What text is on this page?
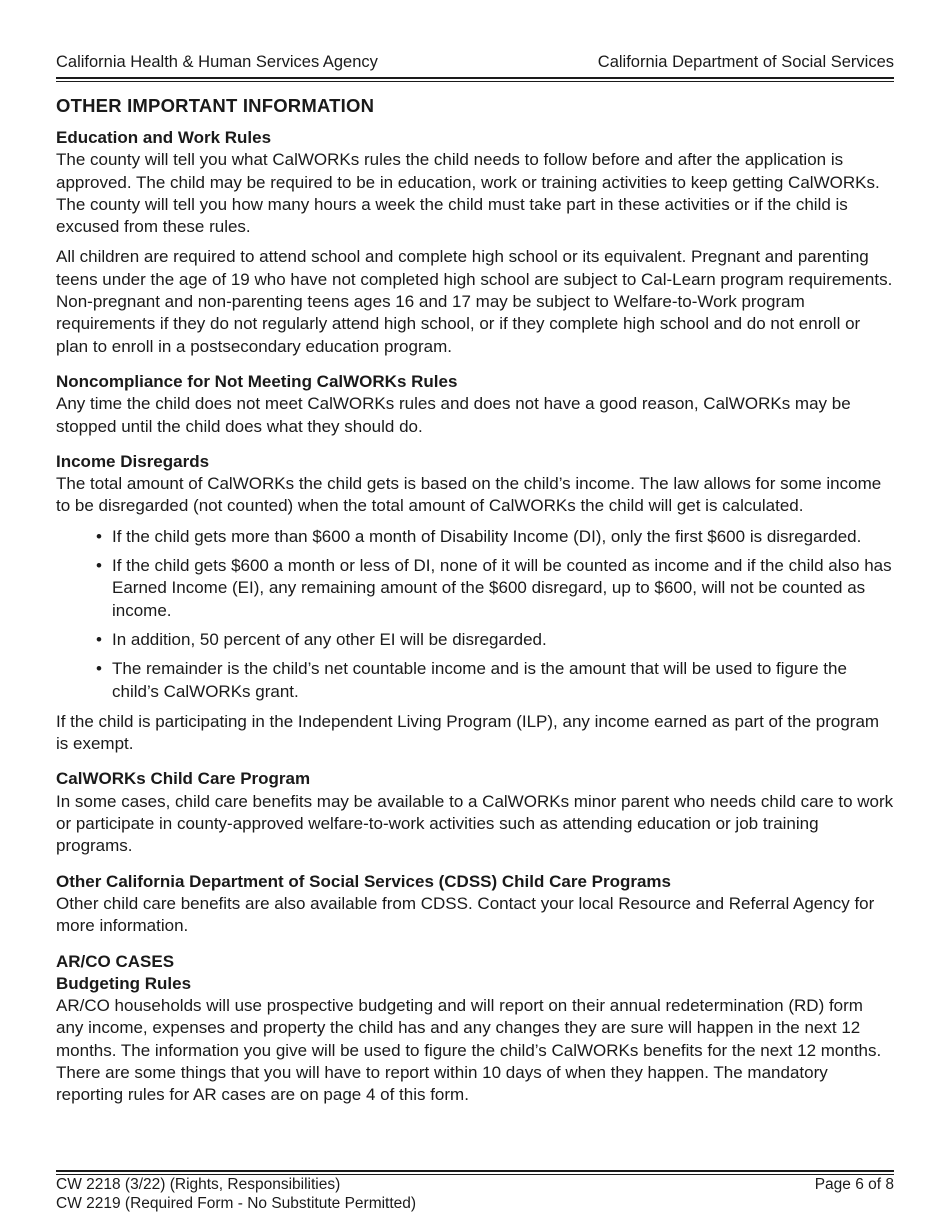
California Health & Human Services Agency	California Department of Social Services
OTHER IMPORTANT INFORMATION
Education and Work Rules

The county will tell you what CalWORKs rules the child needs to follow before and after the application is approved. The child may be required to be in education, work or training activities to keep getting CalWORKs. The county will tell you how many hours a week the child must take part in these activities or if the child is excused from these rules.

All children are required to attend school and complete high school or its equivalent. Pregnant and parenting teens under the age of 19 who have not completed high school are subject to Cal-Learn program requirements. Non-pregnant and non-parenting teens ages 16 and 17 may be subject to Welfare-to-Work program requirements if they do not regularly attend high school, or if they complete high school and do not enroll or plan to enroll in a postsecondary education program.

Noncompliance for Not Meeting CalWORKs Rules

Any time the child does not meet CalWORKs rules and does not have a good reason, CalWORKs may be stopped until the child does what they should do.

Income Disregards

The total amount of CalWORKs the child gets is based on the child’s income. The law allows for some income to be disregarded (not counted) when the total amount of CalWORKs the child will get is calculated.

• If the child gets more than $600 a month of Disability Income (DI), only the first $600 is disregarded.
• If the child gets $600 a month or less of DI, none of it will be counted as income and if the child also has Earned Income (EI), any remaining amount of the $600 disregard, up to $600, will not be counted as income.
• In addition, 50 percent of any other EI will be disregarded.
• The remainder is the child’s net countable income and is the amount that will be used to figure the child’s CalWORKs grant.

If the child is participating in the Independent Living Program (ILP), any income earned as part of the program is exempt.

CalWORKs Child Care Program

In some cases, child care benefits may be available to a CalWORKs minor parent who needs child care to work or participate in county-approved welfare-to-work activities such as attending education or job training programs.

Other California Department of Social Services (CDSS) Child Care Programs

Other child care benefits are also available from CDSS. Contact your local Resource and Referral Agency for more information.

AR/CO CASES
Budgeting Rules

AR/CO households will use prospective budgeting and will report on their annual redetermination (RD) form any income, expenses and property the child has and any changes they are sure will happen in the next 12 months. The information you give will be used to figure the child’s CalWORKs benefits for the next 12 months. There are some things that you will have to report within 10 days of when they happen. The mandatory reporting rules for AR cases are on page 4 of this form.

CW 2218 (3/22) (Rights, Responsibilities)	Page 6 of 8
CW 2219 (Required Form - No Substitute Permitted)
